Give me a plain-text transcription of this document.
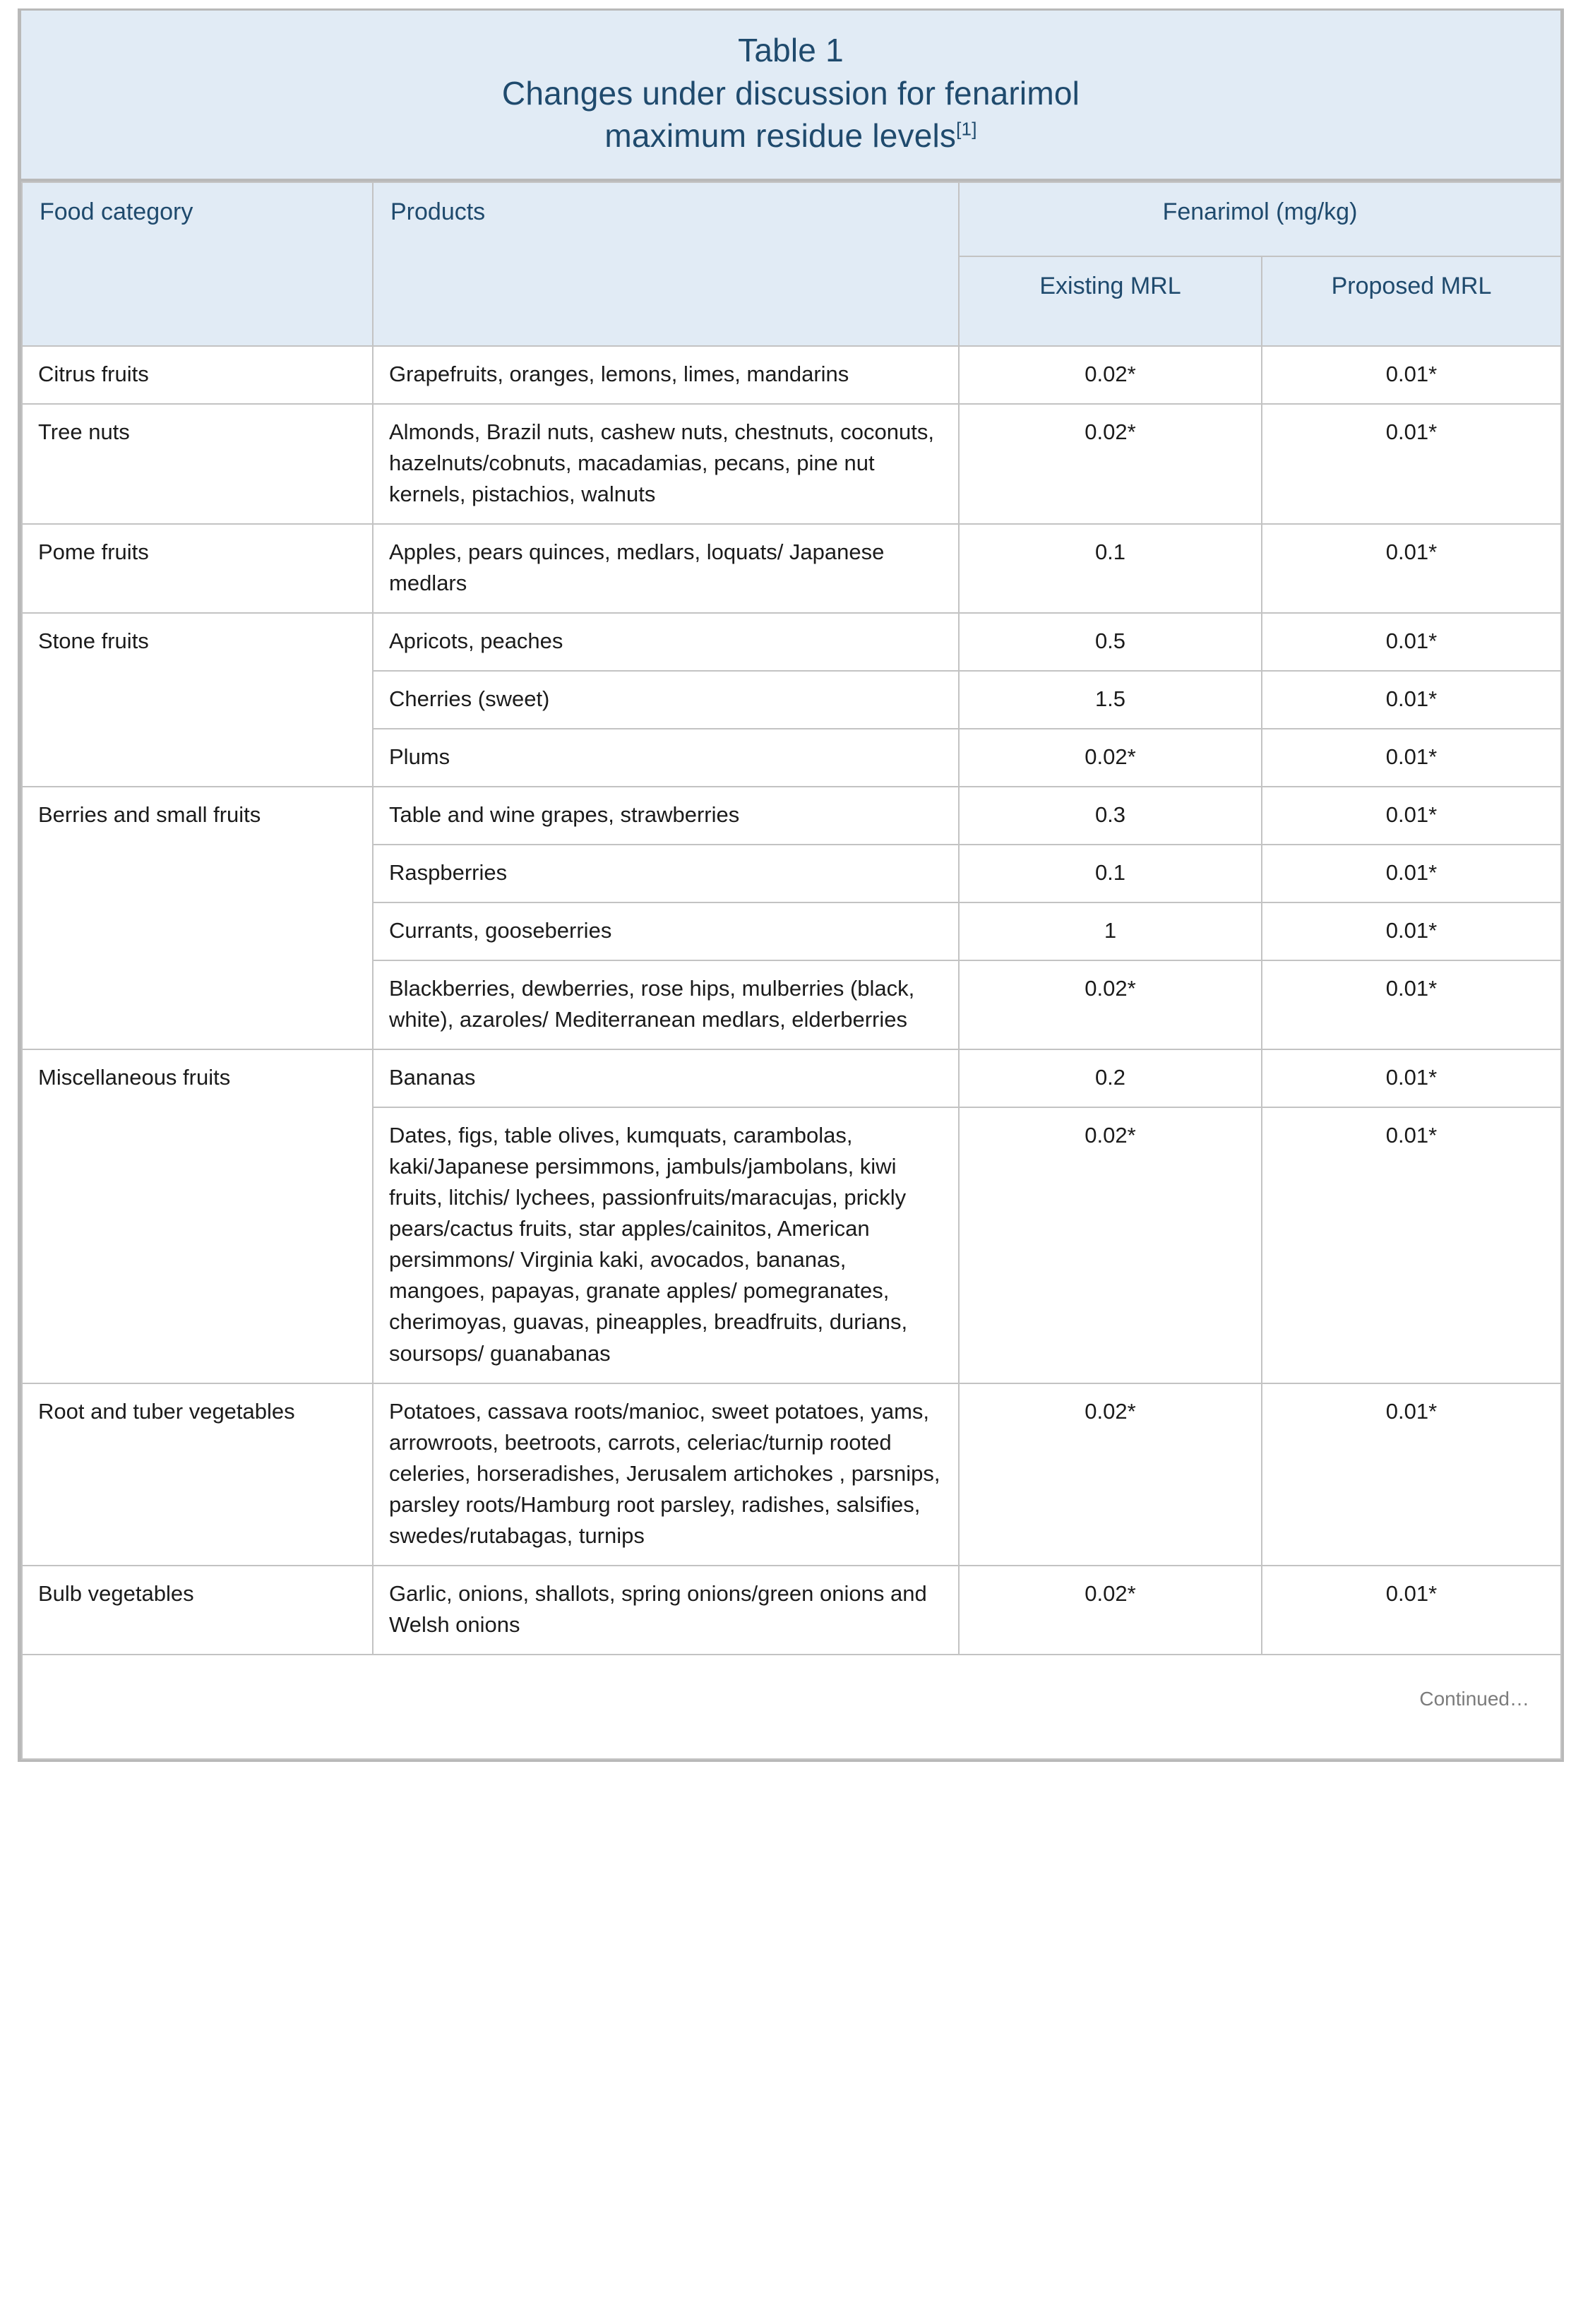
Table 1
Changes under discussion for fenarimol
maximum residue levels[1]
Food category	Products	Fenarimol (mg/kg)	
		Existing MRL	Proposed MRL
Citrus fruits	Grapefruits, oranges, lemons, limes, mandarins	0.02*	0.01*
Tree nuts	Almonds, Brazil nuts, cashew nuts, chestnuts, coconuts, hazelnuts/cobnuts, macadamias, pecans, pine nut kernels, pistachios, walnuts	0.02*	0.01*
Pome fruits	Apples, pears quinces, medlars, loquats/ Japanese medlars	0.1	0.01*
Stone fruits	Apricots, peaches	0.5	0.01*
	Cherries (sweet)	1.5	0.01*
	Plums	0.02*	0.01*
Berries and small fruits	Table and wine grapes, strawberries	0.3	0.01*
	Raspberries	0.1	0.01*
	Currants, gooseberries	1	0.01*
	Blackberries, dewberries, rose hips, mulberries (black, white), azaroles/ Mediterranean medlars, elderberries	0.02*	0.01*
Miscellaneous fruits	Bananas	0.2	0.01*
	Dates, figs, table olives, kumquats, carambolas, kaki/Japanese persimmons, jambuls/jambolans, kiwi fruits, litchis/ lychees, passionfruits/maracujas, prickly pears/cactus fruits, star apples/cainitos, American persimmons/ Virginia kaki, avocados, bananas, mangoes, papayas, granate apples/ pomegranates, cherimoyas, guavas, pineapples, breadfruits, durians, soursops/ guanabanas	0.02*	0.01*
Root and tuber vegetables	Potatoes, cassava roots/manioc, sweet potatoes, yams, arrowroots, beetroots, carrots, celeriac/turnip rooted celeries, horseradishes, Jerusalem artichokes , parsnips, parsley roots/Hamburg root parsley, radishes, salsifies, swedes/rutabagas, turnips	0.02*	0.01*
Bulb vegetables	Garlic, onions, shallots, spring onions/green onions and Welsh onions	0.02*	0.01*
Continued…			
